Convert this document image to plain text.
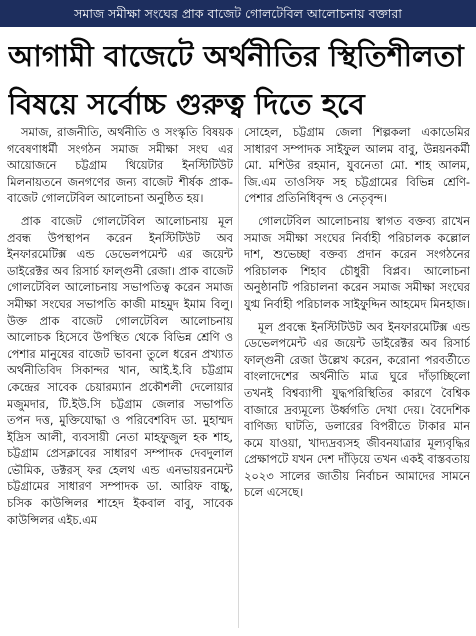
সমাজ সমীক্ষা সংঘের প্রাক বাজেট গোলটেবিল আলোচনায় বক্তারা
আগামী বাজেটে অর্থনীতির স্থিতিশীলতা
বিষয়ে সর্বোচ্চ গুরুত্ব দিতে হবে

সমাজ, রাজনীতি, অর্থনীতি ও সংস্কৃতি বিষয়ক গবেষণাধর্মী সংগঠন সমাজ সমীক্ষা সংঘ এর আয়োজনে চট্টগ্রাম থিয়েটার ইনস্টিটিউট মিলনায়তনে জনগণের জন্য বাজেট শীর্ষক প্রাক-বাজেট গোলটেবিল আলোচনা অনুষ্ঠিত হয়।

প্রাক বাজেট গোলটেবিল আলোচনায় মূল প্রবন্ধ উপস্থাপন করেন ইনস্টিটিউট অব ইনফারমেটিক্স এন্ড ডেভেলপমেন্ট এর জয়েন্ট ডাইরেক্টর অব রিসার্চ ফাল্গুনী রেজা। প্রাক বাজেট গোলটেবিল আলোচনায় সভাপতিত্ব করেন সমাজ সমীক্ষা সংঘের সভাপতি কাজী মাহমুদ ইমাম বিলু। উক্ত প্রাক বাজেট গোলটেবিল আলোচনায় আলোচক হিসেবে উপস্থিত থেকে বিভিন্ন শ্রেণি ও পেশার মানুষের বাজেট ভাবনা তুলে ধরেন প্রখ্যাত অর্থনীতিবিদ সিকান্দর খান, আই.ই.বি চট্টগ্রাম কেন্দ্রের সাবেক চেয়ারম্যান প্রকৌশলী দেলোয়ার মজুমদার, টি.ইউ.সি চট্টগ্রাম জেলার সভাপতি তপন দত্ত, মুক্তিযোদ্ধা ও পরিবেশবিদ ডা. মুহাম্মদ ইদ্রিস আলী, ব্যবসায়ী নেতা মাহফুজুল হক শাহ, চট্টগ্রাম প্রেসক্লাবের সাধারণ সম্পাদক দেবদুলাল ভৌমিক, ডক্টরস্ ফর হেলথ এন্ড এনভায়রনমেন্ট চট্টগ্রামের সাধারণ সম্পাদক ডা. আরিফ বাচ্চু, চসিক কাউন্সিলর শাহেদ ইকবাল বাবু, সাবেক কাউন্সিলর এইচ.এম

সোহেল, চট্টগ্রাম জেলা শিল্পকলা একাডেমির সাধারণ সম্পাদক সাইফুল আলম বাবু, উন্নয়নকর্মী মো. মশিউর রহমান, যুবনেতা মো. শাহ আলম, জি.এম তাওসিফ সহ চট্টগ্রামের বিভিন্ন শ্রেণি-পেশার প্রতিনিধিবৃন্দ ও নেতৃবৃন্দ।

গোলটেবিল আলোচনায় স্বাগত বক্তব্য রাখেন সমাজ সমীক্ষা সংঘের নির্বাহী পরিচালক কল্লোল দাশ, শুভেচ্ছা বক্তব্য প্রদান করেন সংগঠনের পরিচালক শিহাব চৌধুরী বিপ্লব। আলোচনা অনুষ্ঠানটি পরিচালনা করেন সমাজ সমীক্ষা সংঘের যুগ্ম নির্বাহী পরিচালক সাইফুদ্দিন আহমেদ মিনহাজ।

মূল প্রবন্ধে ইনস্টিটিউট অব ইনফারমেটিক্স এন্ড ডেভেলপমেন্ট এর জয়েন্ট ডাইরেক্টর অব রিসার্চ ফাল্গুনী রেজা উল্লেখ করেন, করোনা পরবর্তীতে বাংলাদেশের অর্থনীতি মাত্র ঘুরে দাঁড়াচ্ছিলো তখনই বিশ্বব্যাপী যুদ্ধপরিস্থিতির কারণে বৈশ্বিক বাজারে দ্রব্যমূল্যে উর্ধ্বগতি দেখা দেয়। বৈদেশিক বাণিজ্য ঘাটতি, ডলারের বিপরীতে টাকার মান কমে যাওয়া, খাদ্যদ্রব্যসহ জীবনযাত্রার মূল্যবৃদ্ধির প্রেক্ষাপটে যখন দেশ দাঁড়িয়ে তখন একই বাস্তবতায় ২০২৩ সালের জাতীয় নির্বাচন আমাদের সামনে চলে এসেছে।
